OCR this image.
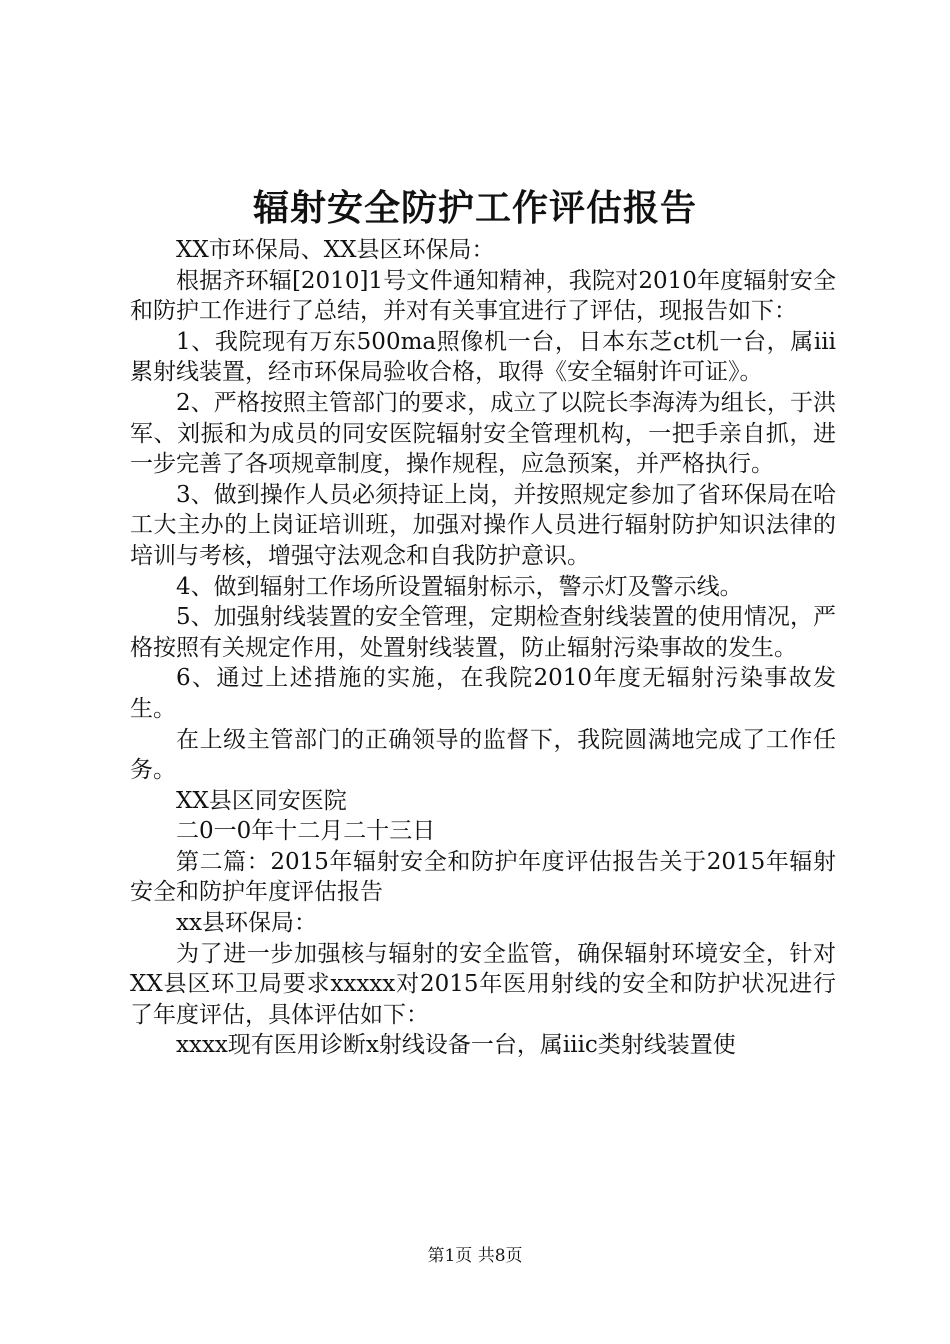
辐射安全防护工作评估报告

XX市环保局、XX县区环保局：

根据齐环辐[2010]1号文件通知精神，我院对2010年度辐射安全和防护工作进行了总结，并对有关事宜进行了评估，现报告如下：

1、我院现有万东500ma照像机一台，日本东芝ct机一台，属iii累射线装置，经市环保局验收合格，取得《安全辐射许可证》。

2、严格按照主管部门的要求，成立了以院长李海涛为组长，于洪军、刘振和为成员的同安医院辐射安全管理机构，一把手亲自抓，进一步完善了各项规章制度，操作规程，应急预案，并严格执行。

3、做到操作人员必须持证上岗，并按照规定参加了省环保局在哈工大主办的上岗证培训班，加强对操作人员进行辐射防护知识法律的培训与考核，增强守法观念和自我防护意识。

4、做到辐射工作场所设置辐射标示，警示灯及警示线。

5、加强射线装置的安全管理，定期检查射线装置的使用情况，严格按照有关规定作用，处置射线装置，防止辐射污染事故的发生。

6、通过上述措施的实施，在我院2010年度无辐射污染事故发生。

在上级主管部门的正确领导的监督下，我院圆满地完成了工作任务。

XX县区同安医院

二0一0年十二月二十三日

第二篇：2015年辐射安全和防护年度评估报告关于2015年辐射安全和防护年度评估报告

xx县环保局：

为了进一步加强核与辐射的安全监管，确保辐射环境安全，针对XX县区环卫局要求xxxxx对2015年医用射线的安全和防护状况进行了年度评估，具体评估如下：

xxxx现有医用诊断x射线设备一台，属iiic类射线装置使

第1页 共8页
